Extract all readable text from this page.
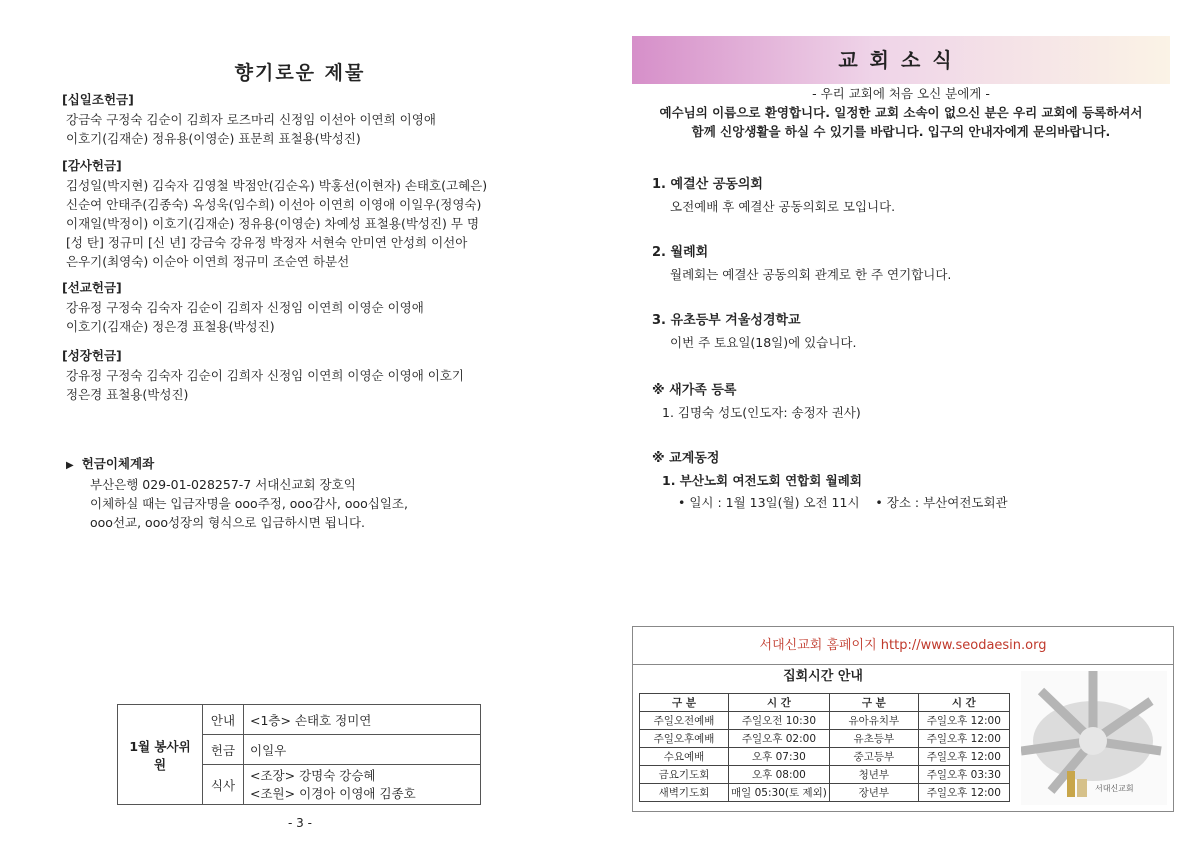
향기로운 제물
[십일조헌금]
강금숙 구정숙 김순이 김희자 로즈마리 신정임 이선아 이연희 이영애
이호기(김재순) 정유용(이영순) 표문희 표철용(박성진)
[감사헌금]
김성일(박지현) 김숙자 김영철 박점안(김순옥) 박홍선(이현자) 손태호(고혜은)
신순여 안태주(김종숙) 옥성욱(임수희) 이선아 이연희 이영애 이일우(정영숙)
이재일(박정이) 이호기(김재순) 정유용(이영순) 차예성 표철용(박성진) 무 명
[성 탄] 정규미 [신 년] 강금숙 강유정 박정자 서현숙 안미연 안성희 이선아
은우기(최영숙) 이순아 이연희 정규미 조순연 하분선
[선교헌금]
강유정 구정숙 김숙자 김순이 김희자 신정임 이연희 이영순 이영애
이호기(김재순) 정은경 표철용(박성진)
[성장헌금]
강유정 구정숙 김숙자 김순이 김희자 신정임 이연희 이영순 이영애 이호기
정은경 표철용(박성진)
▶ 헌금이체계좌
부산은행 029-01-028257-7 서대신교회 장호익
이체하실 때는 입금자명을 ooo주정, ooo감사, ooo십일조,
ooo선교, ooo성장의 형식으로 입금하시면 됩니다.
1월 봉사위원	안내	<1층> 손태호 정미연
	헌금	이일우
	식사	<조장> 강명숙 강승혜
<조원> 이경아 이영애 김종호
- 3 -
교회소식
- 우리 교회에 처음 오신 분에게 -
예수님의 이름으로 환영합니다. 일정한 교회 소속이 없으신 분은 우리 교회에 등록하셔서
함께 신앙생활을 하실 수 있기를 바랍니다. 입구의 안내자에게 문의바랍니다.
1. 예결산 공동의회
오전예배 후 예결산 공동의회로 모입니다.
2. 월례회
월례회는 예결산 공동의회 관계로 한 주 연기합니다.
3. 유초등부 겨울성경학교
이번 주 토요일(18일)에 있습니다.
※ 새가족 등록
1. 김명숙 성도(인도자: 송정자 권사)
※ 교계동정
1. 부산노회 여전도회 연합회 월례회
• 일시 : 1월 13일(월) 오전 11시    • 장소 : 부산여전도회관
서대신교회 홈페이지 http://www.seodaesin.org
집회시간 안내
구 분	시 간	구 분	시 간
주일오전예배	주일오전 10:30	유아유치부	주일오후 12:00
주일오후예배	주일오후 02:00	유초등부	주일오후 12:00
수요예배	오후 07:30	중고등부	주일오후 12:00
금요기도회	오후 08:00	청년부	주일오후 03:30
새벽기도회	매일 05:30(토 제외)	장년부	주일오후 12:00	서대신교회
